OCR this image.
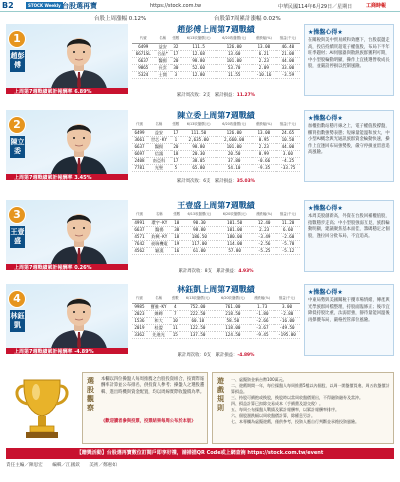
B2	STOCK Weekly 台股選再寶	https://stock.com.tw	中華民國114年6月29日／星期日	工商時報
台股上周漲幅 0.12%	台股第7周累計漲幅 0.02%
1
趙彭傅
上周第7週戰績累計報酬率 6.89%
趙彭傅上周第7週戰績
代號	名稱	張數	6/13收盤價(元)	6/20收盤價(元)	漲跌幅(%)	損益(千元)
6499	益安	32	111.5	126.00	13.00	46.40
6671SL	合晶*	17	12.68	13.60	6.21	21.08
6637	醫揚	20	98.80	101.00	2.23	44.00
9865	長雲	30	52.60	53.70	2.09	33.00
5324	士開	3	12.80	11.55	-10.16	-3.59
累計周次收：2支　累計損益：11.27%
★操盤心得★

在關稅與美中貿易緩和效應下，台股震盪走高，投信持續買超電子權值股，布局下半年旺季題材；AI伺服器與散熱族群獲利可期，中小型股輪動明顯，操作上宜挑選營收成長股，並嚴設停損以控制風險。

2
陳立委
上周第7週戰績累計報酬率 3.45%
陳立委上周第7週戰績
代號	名稱	張數	6/13收盤價(元)	6/20收盤價(元)	漲跌幅(%)	損益(千元)
6499	益安	17	111.50	126.00	13.00	24.65
3661	世芯-KY	1	2,635.00	2,660.00	0.95	10.50
6637	醫揚	20	98.80	101.00	2.23	44.00
6697	信鴻	18	20.30	20.50	0.99	3.60
2408	南亞科	17	38.05	37.80	-0.66	-4.25
7781	光聖	5	65.80	54.10	-9.35	-33.75
累計周次收：6支　累計損益：35.03%
★操盤心得★

加權指數站穩月線之上，電子權值股撐盤，櫃買指數強勢表態；短線量能溫和放大，中小型AI概念與光通訊族群資金輪動快速，操作上宜逢回布局強勢股，嚴守停損並留意追高風險。

3
王壹盛
上周第7週戰績累計報酬率 0.26%
王壹盛上周第7週戰績
代號	名稱	張數	6/13收盤價(元)	6/20收盤價(元)	漲跌幅(%)	損益(千元)
4991	環宇-KY	10	90.30	101.50	12.40	11.20
6637	醫揚	30	98.80	101.00	2.23	6.60
4571	鈞興-KY	18	186.50	180.00	-3.49	-2.60
7642	昶瑞機電	19	117.00	114.00	-2.56	-5.70
4562	穎漢	16	61.00	57.80	-5.25	-5.12
累計周次收：8支　累計損益：4.93%
★操盤心得★

本周美股創新高，外資在台股回補權值股，指數穩步走高；中小型股強弱互見，族群輪動明顯，建議聚焦基本面佳、籌碼穩定之個股，逢拉回分批布局，不宜追高。

4
林鈺凱
上周第7週戰績累計報酬率 -4.89%
林鈺凱上周第7週戰績
代號	名稱	張數	6/13收盤價(元)	6/20收盤價(元)	漲跌幅(%)	損益(千元)
9985	寶雅-KY	4	752.00	761.00	1.73	3.00
2023	燁輝	7	222.50	218.50	-1.80	-2.80
1536	和大	10	60.10	58.50	-2.66	-16.00
2019	桂盟	11	122.50	118.00	-3.67	-49.50
3362	先進光	15	137.50	124.50	-9.45	-195.00
累計周次收：0支　累計損益：-4.89%
★操盤心得★

中東局勢與美國關稅干擾市場情緒，傳產與光學族群回檔整理，持股面臨修正；後市宜降低持股比重，汰弱留強，靜待量能回溫後再擇優布局，嚴格控管部位風險。

選股觀察

本欄以四位操盤人每周推薦之台股投資組合，按實際報酬率計算並公布排名，供投資人參考；操盤人之選股邏輯、進出時機與資金配置，均以周線實際收盤價為準。

《歡迎讀者參與投票，投票結果每周公布於本版》

遊戲規則
一、虛擬資金新台幣100萬元。
二、遊戲期間一年，每位操盤人每周推薦5檔以內個股，以周一開盤價買進、周五收盤價計算損益。
三、持股可續抱或換股，換股時以當周收盤價賣出，不得融資融券及當沖。
四、損益計算已扣除交易成本（手續費及證交稅）。
五、每周公布操盤人戰績及累計報酬率，以累計報酬率排序。
六、個股漲跌幅以周收盤價計算，除權息另計。
七、本專欄為虛擬遊戲，僅供參考，投資人應自行判斷並承擔投資風險。
【贈獎活動】台股選再寶數位訂閱戶即享好禮，請掃描QR Code或上網查詢 https://stock.com.tw/event
責任主編／陳思宏 編輯／江國欽 美術／鄭惠如
